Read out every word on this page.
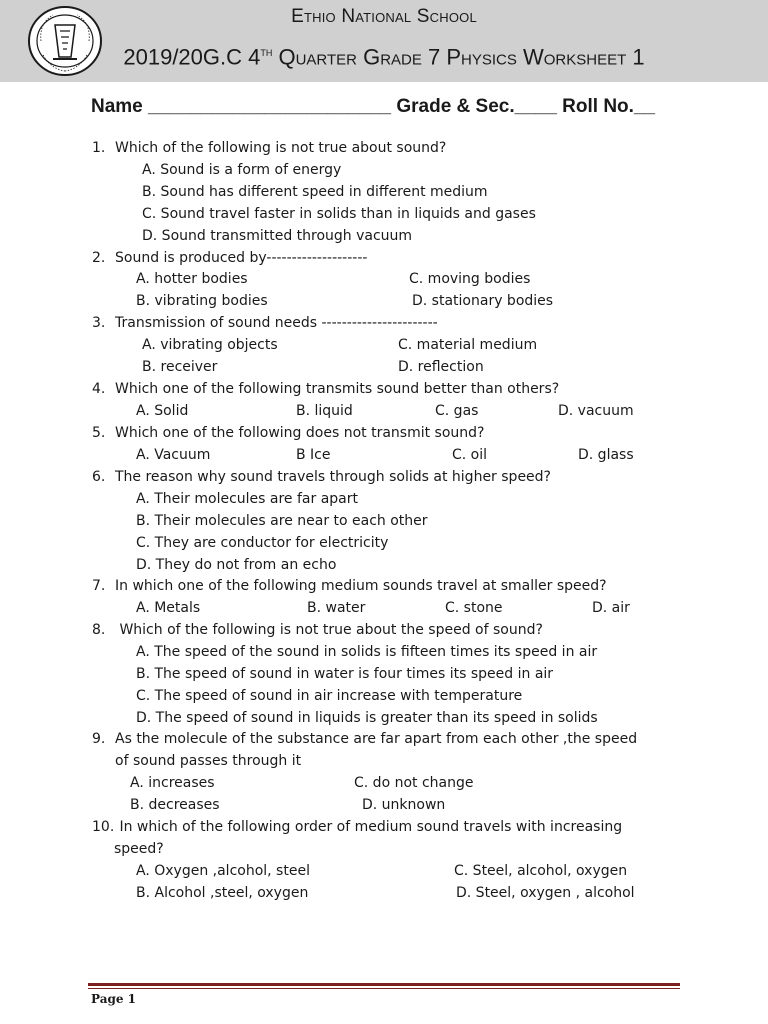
Ethio National School
2019/20G.C 4th Quarter Grade 7 Physics Worksheet 1
Name _______________________ Grade & Sec.____ Roll No.__
1. Which of the following is not true about sound?
A. Sound is a form of energy
B. Sound has different speed in different medium
C. Sound travel faster in solids than in liquids and gases
D. Sound transmitted through vacuum
2. Sound is produced by--------------------
A. hotter bodies	C. moving bodies
B. vibrating bodies	D. stationary bodies
3. Transmission of sound needs -----------------------
A. vibrating objects	C. material medium
B. receiver	D. reflection
4. Which one of the following transmits sound better than others?
A. Solid	B. liquid	C. gas	D. vacuum
5. Which one of the following does not transmit sound?
A. Vacuum	B Ice	C. oil	D. glass
6. The reason why sound travels through solids at higher speed?
A. Their molecules are far apart
B. Their molecules are near to each other
C. They are conductor for electricity
D. They do not from an echo
7. In which one of the following medium sounds travel at smaller speed?
A. Metals	B. water	C. stone	D. air
8. Which of the following is not true about the speed of sound?
A. The speed of the sound in solids is fifteen times its speed in air
B. The speed of sound in water is four times its speed in air
C. The speed of sound in air increase with temperature
D. The speed of sound in liquids is greater than its speed in solids
9. As the molecule of the substance are far apart from each other ,the speed
of sound passes through it
A. increases	C. do not change
B. decreases	D. unknown
10. In which of the following order of medium sound travels with increasing
speed?
A. Oxygen ,alcohol, steel	C. Steel, alcohol, oxygen
B. Alcohol ,steel, oxygen	D. Steel, oxygen , alcohol
Page 1
